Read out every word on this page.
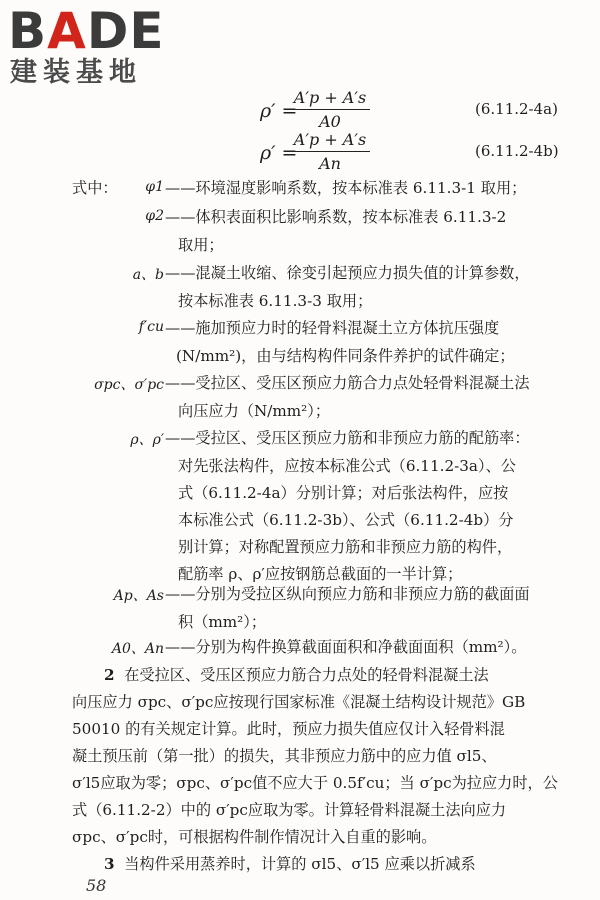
BADE
建装基地
ρ′ =
$\frac{A'p + A's}{A0}$	(6.11.2-4a)
ρ′ =
$\frac{A'p + A's}{An}$	(6.11.2-4b)
式中： φ1 ——环境湿度影响系数，按本标准表 6.11.3-1 取用；
φ2 ——体积表面积比影响系数，按本标准表 6.11.3-2
取用；
a、b ——混凝土收缩、徐变引起预应力损失值的计算参数，
按本标准表 6.11.3-3 取用；
f′cu ——施加预应力时的轻骨料混凝土立方体抗压强度
(N/mm²)，由与结构构件同条件养护的试件确定；
σpc、σ′pc ——受拉区、受压区预应力筋合力点处轻骨料混凝土法
向压应力（N/mm²）；
ρ、ρ′ ——受拉区、受压区预应力筋和非预应力筋的配筋率：
对先张法构件，应按本标准公式（6.11.2-3a）、公
式（6.11.2-4a）分别计算；对后张法构件，应按
本标准公式（6.11.2-3b）、公式（6.11.2-4b）分
别计算；对称配置预应力筋和非预应力筋的构件，
配筋率 ρ、ρ′应按钢筋总截面的一半计算；
Ap、As ——分别为受拉区纵向预应力筋和非预应力筋的截面面
积（mm²）；
A0、An ——分别为构件换算截面面积和净截面面积（mm²）。
2 在受拉区、受压区预应力筋合力点处的轻骨料混凝土法
向压应力 σpc、σ′pc应按现行国家标准《混凝土结构设计规范》GB
50010 的有关规定计算。此时，预应力损失值应仅计入轻骨料混
凝土预压前（第一批）的损失，其非预应力筋中的应力值 σl5、
σ′l5应取为零；σpc、σ′pc值不应大于 0.5f′cu；当 σ′pc为拉应力时，公
式（6.11.2-2）中的 σ′pc应取为零。计算轻骨料混凝土法向应力
σpc、σ′pc时，可根据构件制作情况计入自重的影响。
3 当构件采用蒸养时，计算的 σl5、σ′l5 应乘以折减系
58
